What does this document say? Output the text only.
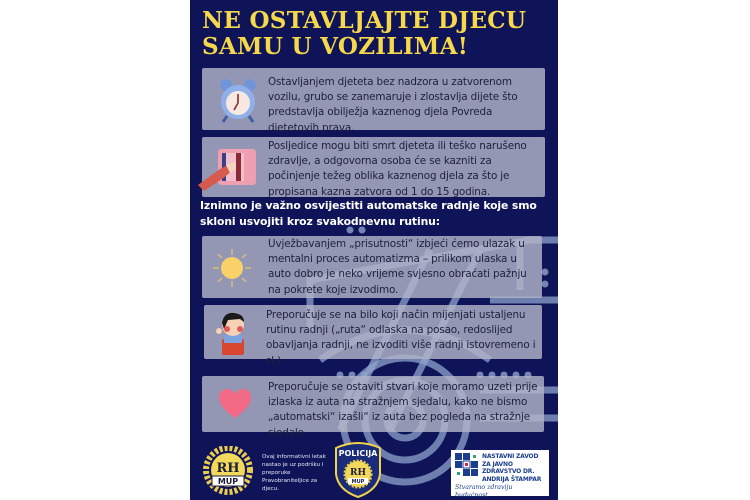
NE OSTAVLJAJTE DJECU
SAMU U VOZILIMA!
Ostavljanjem djeteta bez nadzora u zatvorenom vozilu, grubo se zanemaruje i zlostavlja dijete što predstavlja obilježja kaznenog djela Povreda djetetovih prava.
Posljedice mogu biti smrt djeteta ili teško narušeno zdravlje, a odgovorna osoba će se kazniti za počinjenje težeg oblika kaznenog djela za što je propisana kazna zatvora od 1 do 15 godina.
Iznimno je važno osvijestiti automatske radnje koje smo skloni usvojiti kroz svakodnevnu rutinu:
Uvježbavanjem „prisutnosti“ izbjeći ćemo ulazak u mentalni proces automatizma – prilikom ulaska u auto dobro je neko vrijeme svjesno obraćati pažnju na pokrete koje izvodimo.
Preporučuje se na bilo koji način mijenjati ustaljenu rutinu radnji („ruta“ odlaska na posao, redoslijed obavljanja radnji, ne izvoditi više radnji istovremeno i sl.).
Preporučuje se ostaviti stvari koje moramo uzeti prije izlaska iz auta na stražnjem sjedalu, kako ne bismo „automatski“ izašli“ iz auta bez pogleda na stražnje sjedalo.
RH
MUP
Ovaj informativni letak nastao je uz podršku i preporuke Pravobraniteljice za djecu.
POLICIJA
RH
MUP
NASTAVNI ZAVOD ZA JAVNO ZDRAVSTVO DR. ANDRIJA ŠTAMPAR
Stvaramo zdraviju budućnost
